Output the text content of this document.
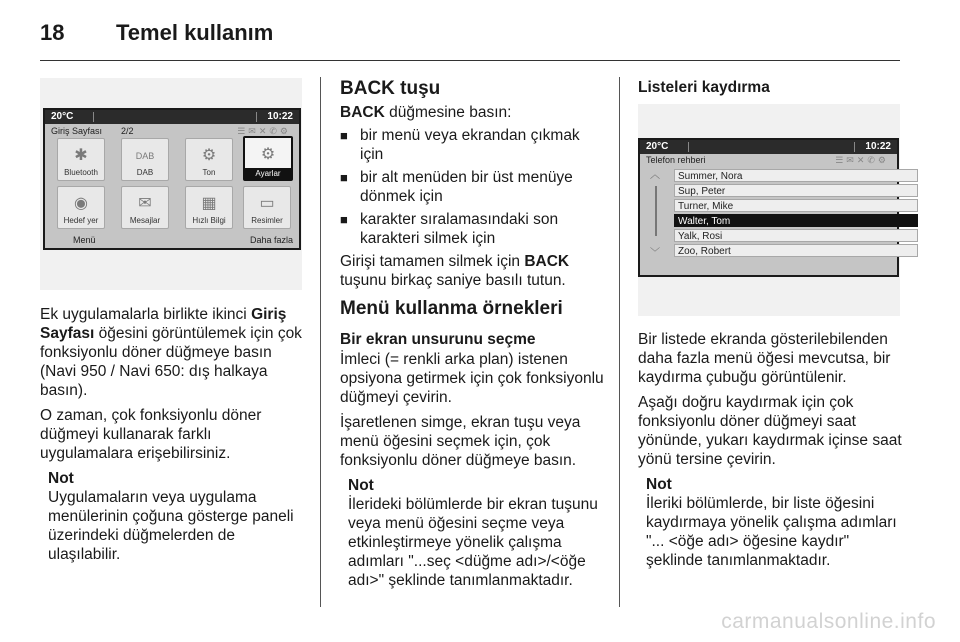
18 Temel kullanım
20°C	10:22
Giriş Sayfası 2/2	☰✉✕✆⚙
✱
Bluetooth
DAB
DAB
⚙
Ton
⚙
Ayarlar
◉
Hedef yer
✉
Mesajlar
▦
Hızlı Bilgi
▭
Resimler
Menü	Daha fazla

Ek uygulamalarla birlikte ikinci Giriş Sayfası öğesini görüntülemek için çok fonksiyonlu döner düğmeye basın (Navi 950 / Navi 650: dış halkaya basın).

O zaman, çok fonksiyonlu döner düğmeyi kullanarak farklı uygulamalara erişebilirsiniz.

Not
Uygulamaların veya uygulama menülerinin çoğuna gösterge paneli üzerindeki düğmelerden de ulaşılabilir.
BACK tuşu

BACK düğmesine basın:

■ bir menü veya ekrandan çıkmak için
■ bir alt menüden bir üst menüye dönmek için
■ karakter sıralamasındaki son karakteri silmek için

Girişi tamamen silmek için BACK tuşunu birkaç saniye basılı tutun.

Menü kullanma örnekleri
Bir ekran unsurunu seçme

İmleci (= renkli arka plan) istenen opsiyona getirmek için çok fonksiyonlu düğmeyi çevirin.

İşaretlenen simge, ekran tuşu veya menü öğesini seçmek için, çok fonksiyonlu döner düğmeye basın.

Not
İlerideki bölümlerde bir ekran tuşunu veya menü öğesini seçme veya etkinleştirmeye yönelik çalışma adımları "...seç <düğme adı>/<öğe adı>" şeklinde tanımlanmaktadır.
Listeleri kaydırma
20°C	10:22
Telefon rehberi	☰✉✕✆⚙
︿
﹀
Summer, Nora
Sup, Peter
Turner, Mike
Walter, Tom
Yalk, Rosi
Zoo, Robert

Bir listede ekranda gösterilebilenden daha fazla menü öğesi mevcutsa, bir kaydırma çubuğu görüntülenir.

Aşağı doğru kaydırmak için çok fonksiyonlu döner düğmeyi saat yönünde, yukarı kaydırmak içinse saat yönü tersine çevirin.

Not
İleriki bölümlerde, bir liste öğesini kaydırmaya yönelik çalışma adımları "... <öğe adı> öğesine kaydır" şeklinde tanımlanmaktadır.
carmanualsonline.info
